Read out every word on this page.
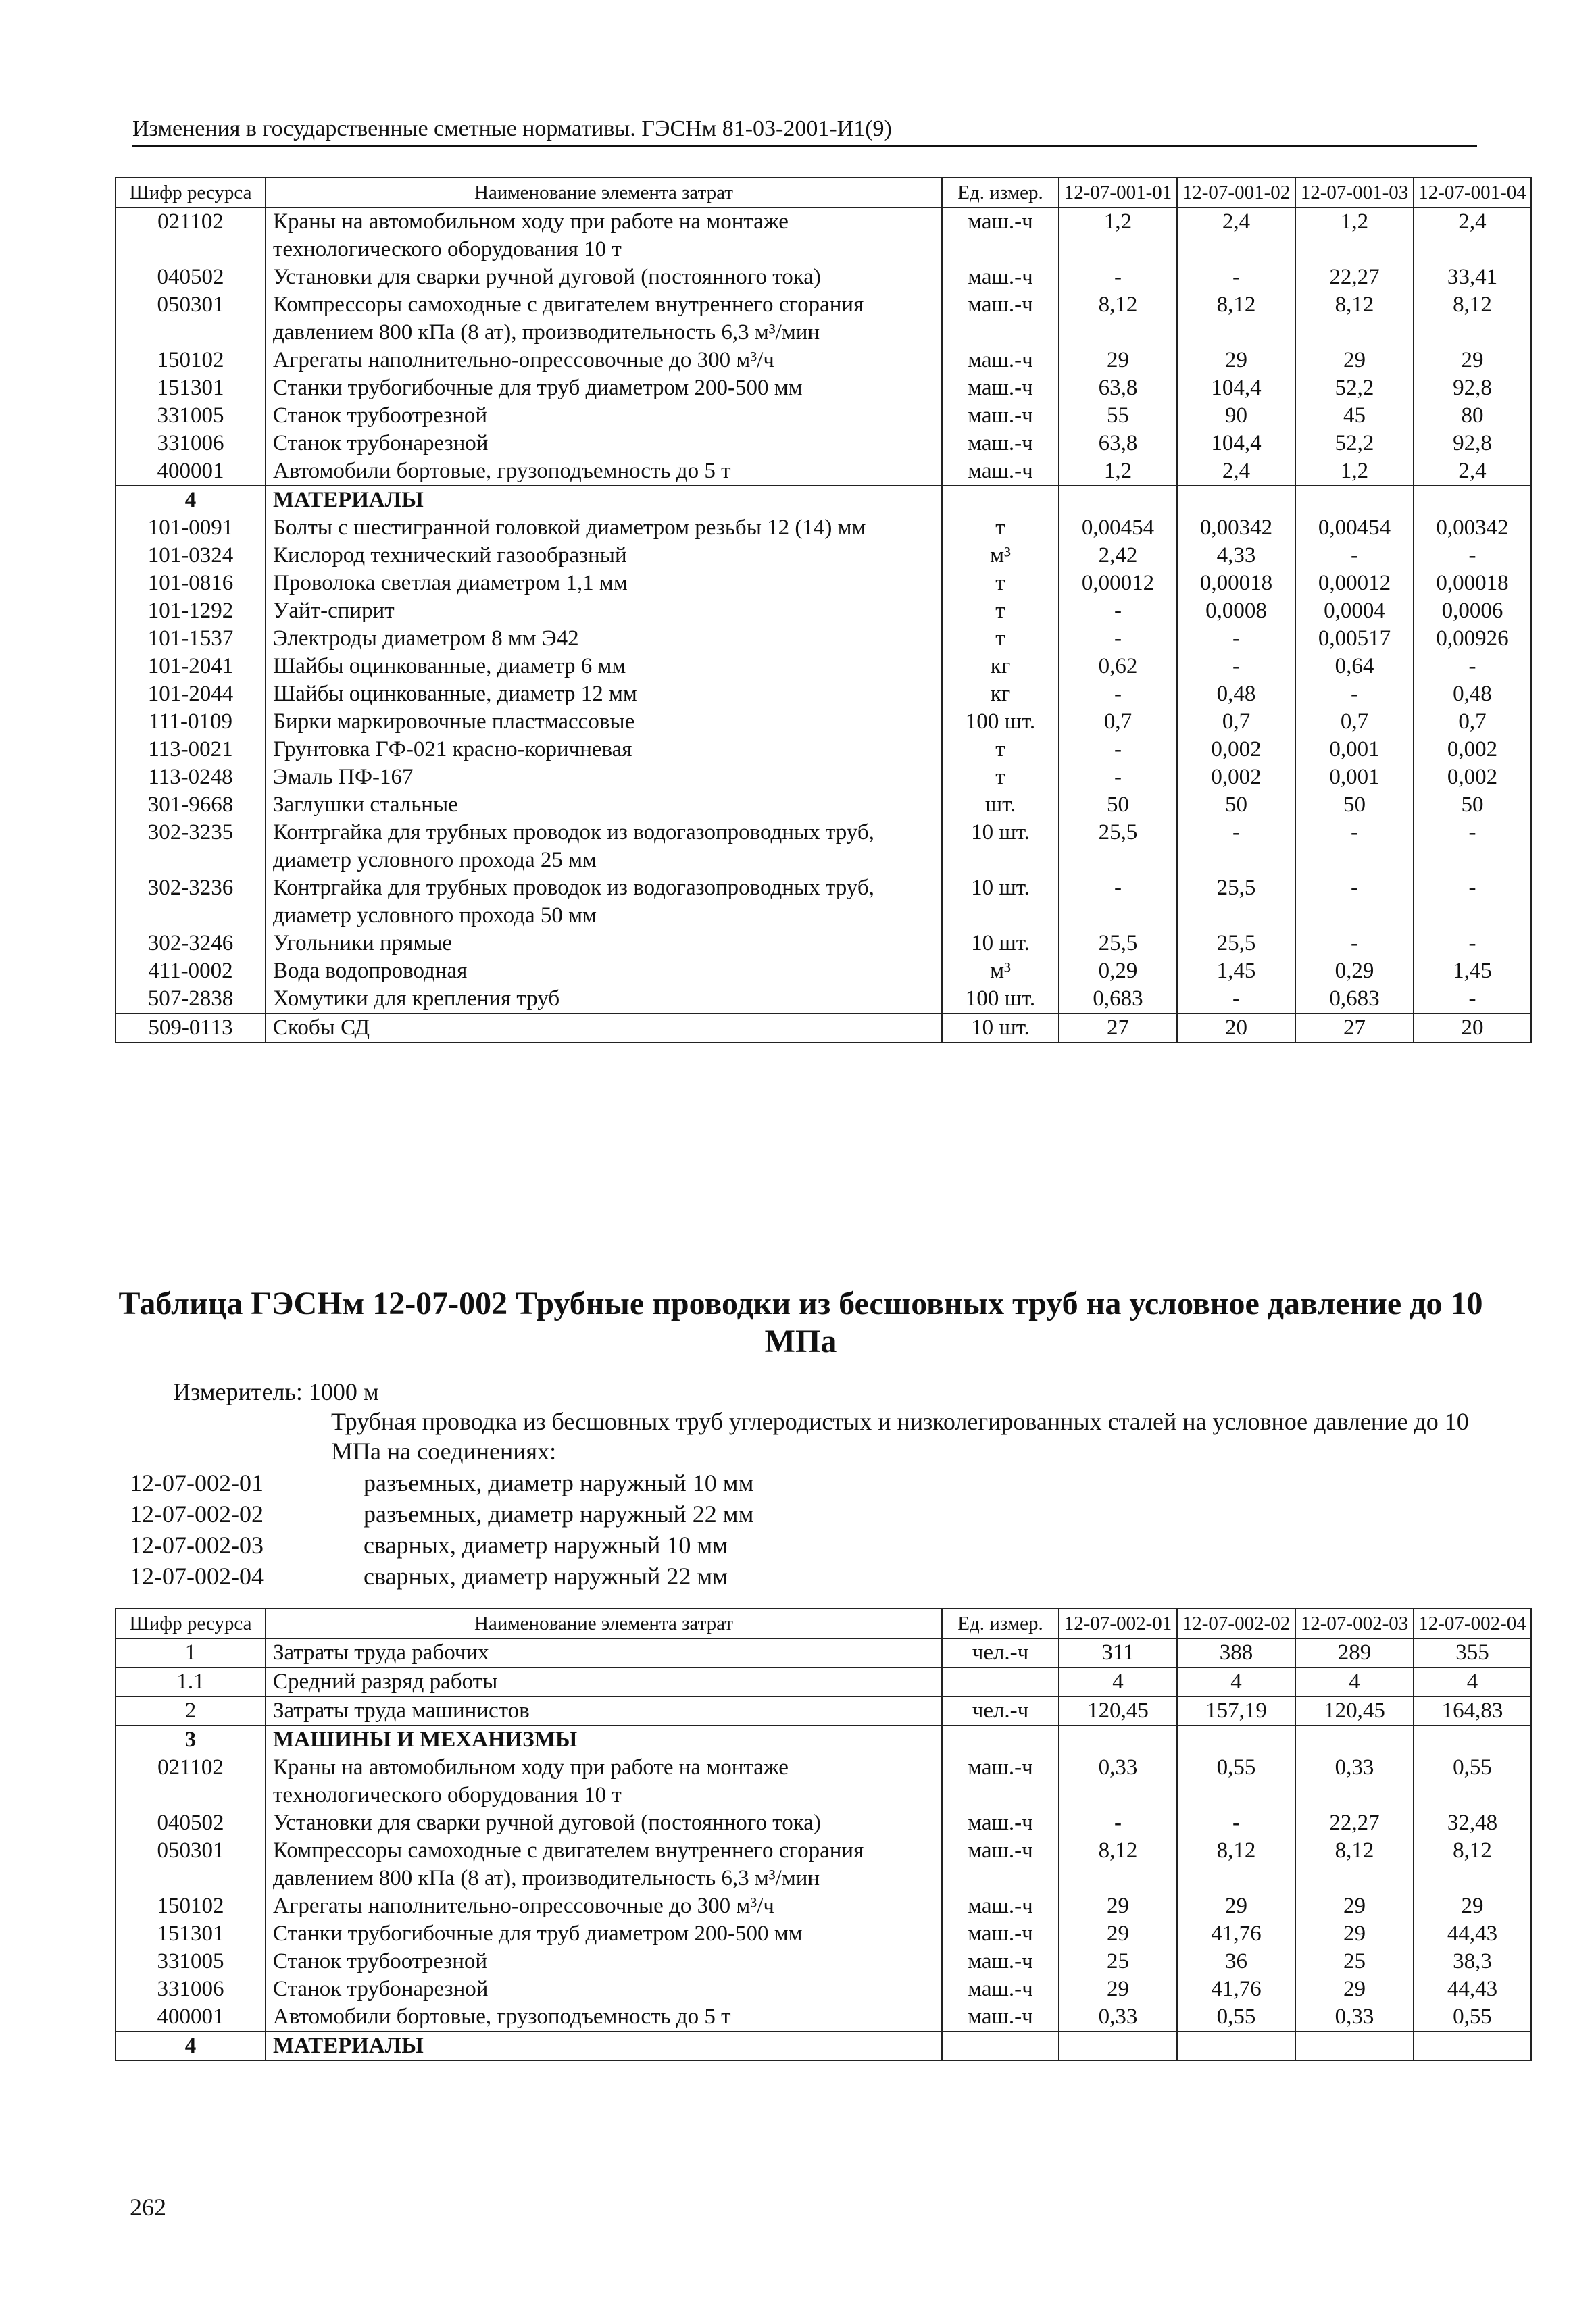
Изменения в государственные сметные нормативы. ГЭСНм 81-03-2001-И1(9)
Шифр ресурса	Наименование элемента затрат	Ед. измер.	12-07-001-01	12-07-001-02	12-07-001-03	12-07-001-04
021102	Краны на автомобильном ходу при работе на монтаже технологического оборудования 10 т	маш.-ч	1,2	2,4	1,2	2,4
040502	Установки для сварки ручной дуговой (постоянного тока)	маш.-ч	-	-	22,27	33,41
050301	Компрессоры самоходные с двигателем внутреннего сгорания давлением 800 кПа (8 ат), производительность 6,3 м³/мин	маш.-ч	8,12	8,12	8,12	8,12
150102	Агрегаты наполнительно-опрессовочные до 300 м³/ч	маш.-ч	29	29	29	29
151301	Станки трубогибочные для труб диаметром 200-500 мм	маш.-ч	63,8	104,4	52,2	92,8
331005	Станок трубоотрезной	маш.-ч	55	90	45	80
331006	Станок трубонарезной	маш.-ч	63,8	104,4	52,2	92,8
400001	Автомобили бортовые, грузоподъемность до 5 т	маш.-ч	1,2	2,4	1,2	2,4
4	МАТЕРИАЛЫ					
101-0091	Болты с шестигранной головкой диаметром резьбы 12 (14) мм	т	0,00454	0,00342	0,00454	0,00342
101-0324	Кислород технический газообразный	м³	2,42	4,33	-	-
101-0816	Проволока светлая диаметром 1,1 мм	т	0,00012	0,00018	0,00012	0,00018
101-1292	Уайт-спирит	т	-	0,0008	0,0004	0,0006
101-1537	Электроды диаметром 8 мм Э42	т	-	-	0,00517	0,00926
101-2041	Шайбы оцинкованные, диаметр 6 мм	кг	0,62	-	0,64	-
101-2044	Шайбы оцинкованные, диаметр 12 мм	кг	-	0,48	-	0,48
111-0109	Бирки маркировочные пластмассовые	100 шт.	0,7	0,7	0,7	0,7
113-0021	Грунтовка ГФ-021 красно-коричневая	т	-	0,002	0,001	0,002
113-0248	Эмаль ПФ-167	т	-	0,002	0,001	0,002
301-9668	Заглушки стальные	шт.	50	50	50	50
302-3235	Контргайка для трубных проводок из водогазопроводных труб, диаметр условного прохода 25 мм	10 шт.	25,5	-	-	-
302-3236	Контргайка для трубных проводок из водогазопроводных труб, диаметр условного прохода 50 мм	10 шт.	-	25,5	-	-
302-3246	Угольники прямые	10 шт.	25,5	25,5	-	-
411-0002	Вода водопроводная	м³	0,29	1,45	0,29	1,45
507-2838	Хомутики для крепления труб	100 шт.	0,683	-	0,683	-
509-0113	Скобы СД	10 шт.	27	20	27	20
Таблица ГЭСНм 12-07-002 Трубные проводки из бесшовных труб на условное давление до 10 МПа
Измеритель: 1000 м
Трубная проводка из бесшовных труб углеродистых и низколегированных сталей на условное давление до 10 МПа на соединениях:
12-07-002-01	разъемных, диаметр наружный 10 мм
12-07-002-02	разъемных, диаметр наружный 22 мм
12-07-002-03	сварных, диаметр наружный 10 мм
12-07-002-04	сварных, диаметр наружный 22 мм
Шифр ресурса	Наименование элемента затрат	Ед. измер.	12-07-002-01	12-07-002-02	12-07-002-03	12-07-002-04
1	Затраты труда рабочих	чел.-ч	311	388	289	355
1.1	Средний разряд работы		4	4	4	4
2	Затраты труда машинистов	чел.-ч	120,45	157,19	120,45	164,83
3	МАШИНЫ И МЕХАНИЗМЫ					
021102	Краны на автомобильном ходу при работе на монтаже технологического оборудования 10 т	маш.-ч	0,33	0,55	0,33	0,55
040502	Установки для сварки ручной дуговой (постоянного тока)	маш.-ч	-	-	22,27	32,48
050301	Компрессоры самоходные с двигателем внутреннего сгорания давлением 800 кПа (8 ат), производительность 6,3 м³/мин	маш.-ч	8,12	8,12	8,12	8,12
150102	Агрегаты наполнительно-опрессовочные до 300 м³/ч	маш.-ч	29	29	29	29
151301	Станки трубогибочные для труб диаметром 200-500 мм	маш.-ч	29	41,76	29	44,43
331005	Станок трубоотрезной	маш.-ч	25	36	25	38,3
331006	Станок трубонарезной	маш.-ч	29	41,76	29	44,43
400001	Автомобили бортовые, грузоподъемность до 5 т	маш.-ч	0,33	0,55	0,33	0,55
4	МАТЕРИАЛЫ					
262
